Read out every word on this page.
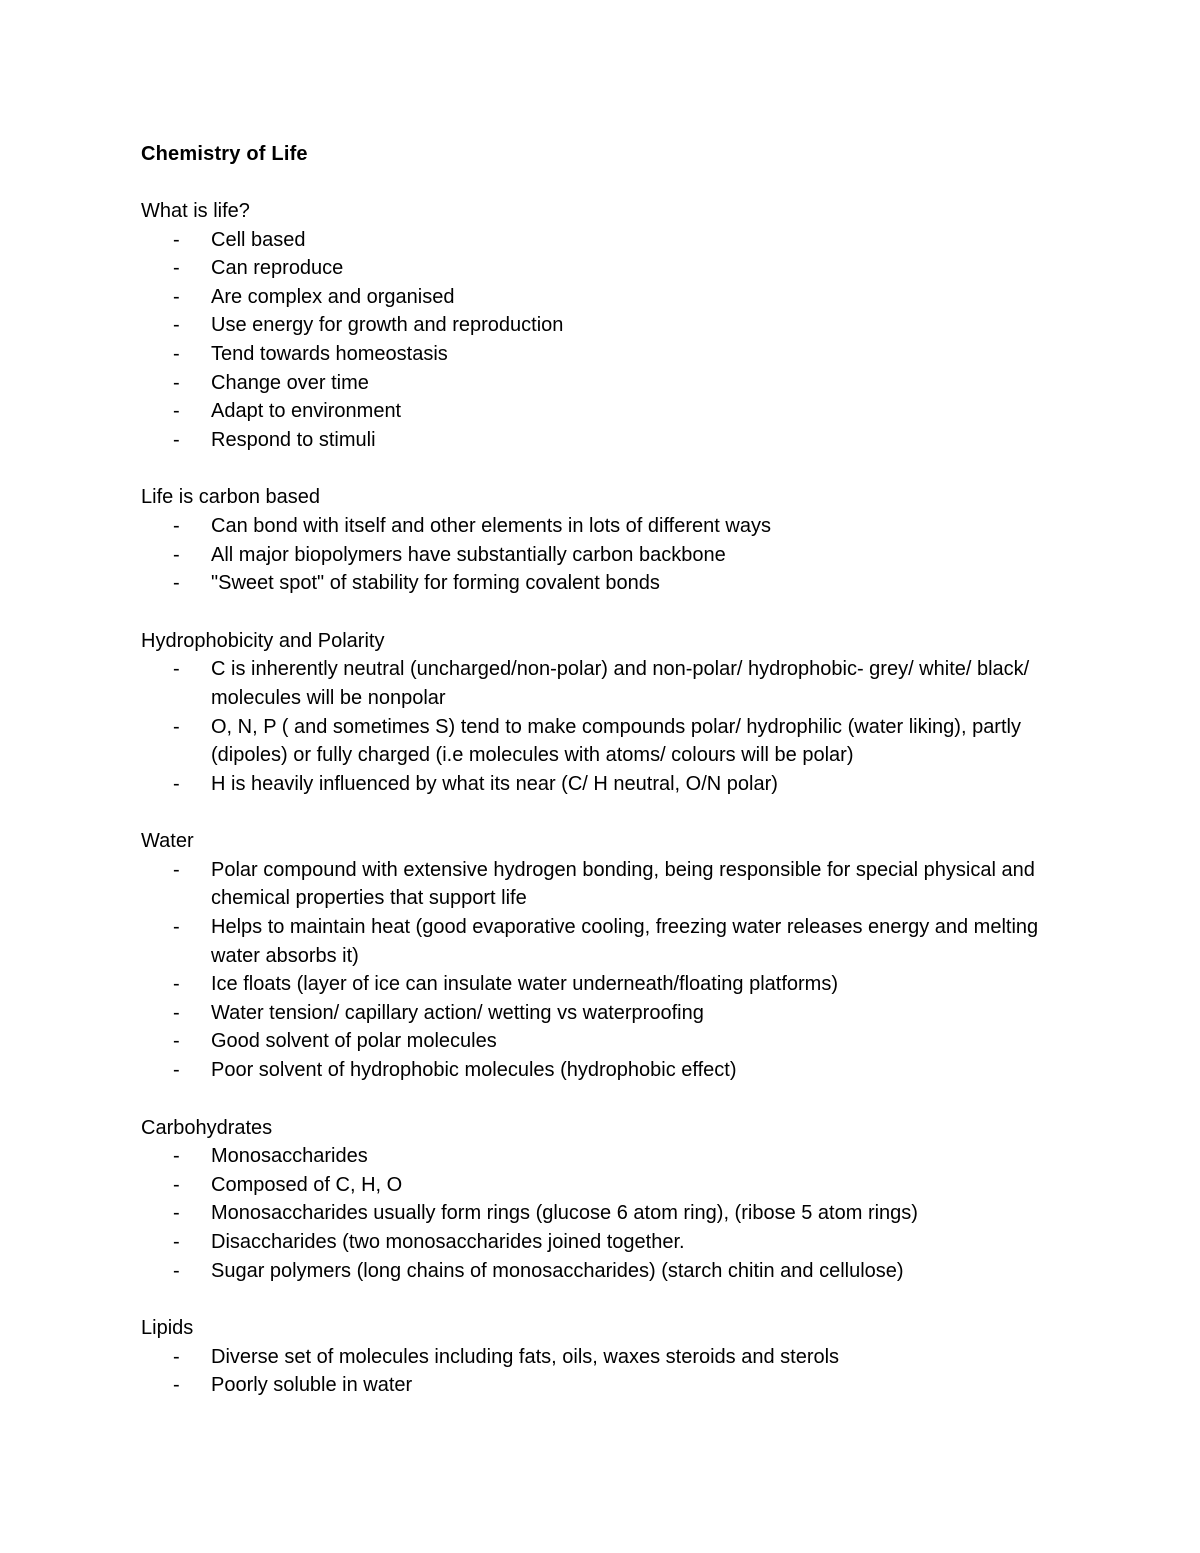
Chemistry of Life
What is life?
- Cell based
- Can reproduce
- Are complex and organised
- Use energy for growth and reproduction
- Tend towards homeostasis
- Change over time
- Adapt to environment
- Respond to stimuli
Life is carbon based
- Can bond with itself and other elements in lots of different ways
- All major biopolymers have substantially carbon backbone
- "Sweet spot" of stability for forming covalent bonds
Hydrophobicity and Polarity
- C is inherently neutral (uncharged/non-polar) and non-polar/ hydrophobic- grey/ white/ black/ molecules will be nonpolar
- O, N, P ( and sometimes S) tend to make compounds polar/ hydrophilic (water liking), partly (dipoles) or fully charged (i.e molecules with atoms/ colours will be polar)
- H is heavily influenced by what its near (C/ H neutral, O/N polar)
Water
- Polar compound with extensive hydrogen bonding, being responsible for special physical and chemical properties that support life
- Helps to maintain heat (good evaporative cooling, freezing water releases energy and melting water absorbs it)
- Ice floats (layer of ice can insulate water underneath/floating platforms)
- Water tension/ capillary action/ wetting vs waterproofing
- Good solvent of polar molecules
- Poor solvent of hydrophobic molecules (hydrophobic effect)
Carbohydrates
- Monosaccharides
- Composed of C, H, O
- Monosaccharides usually form rings (glucose 6 atom ring), (ribose 5 atom rings)
- Disaccharides (two monosaccharides joined together.
- Sugar polymers (long chains of monosaccharides) (starch chitin and cellulose)
Lipids
- Diverse set of molecules including fats, oils, waxes steroids and sterols
- Poorly soluble in water
